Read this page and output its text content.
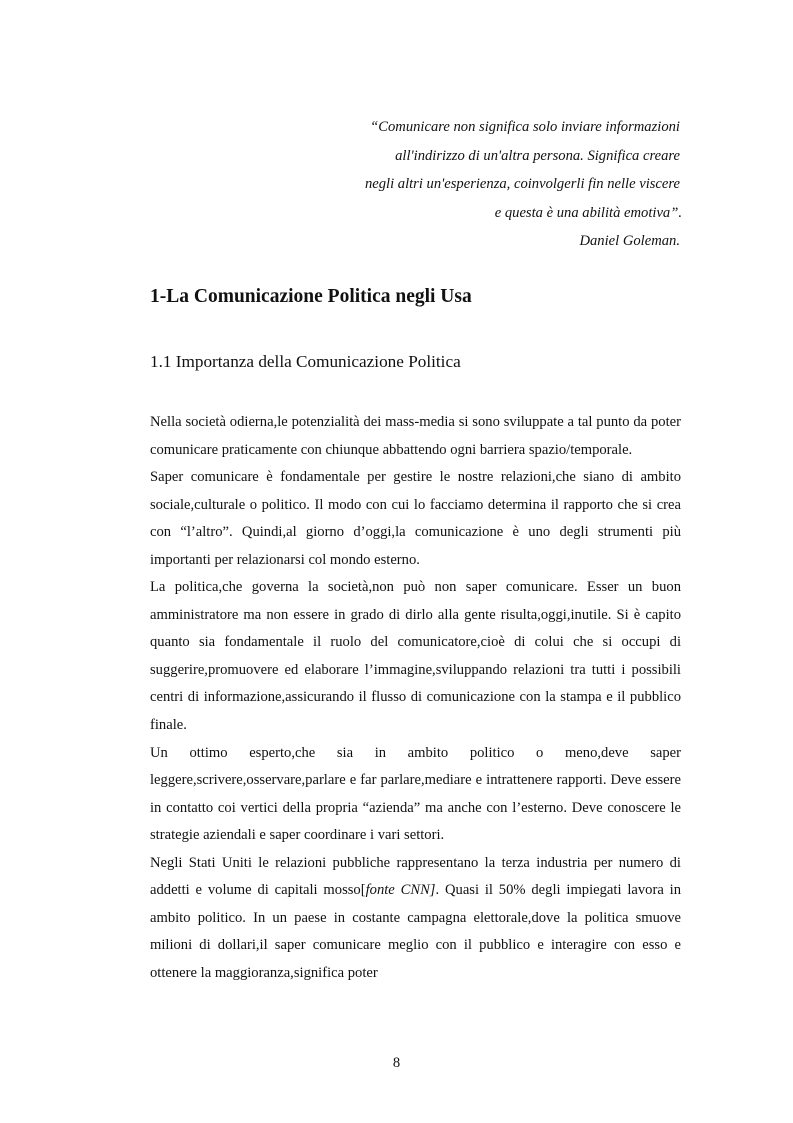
“Comunicare non significa solo inviare informazioni
all'indirizzo di un'altra persona. Significa creare
negli altri un'esperienza, coinvolgerli fin nelle viscere
e questa è una abilità emotiva”.
Daniel Goleman.
1-La Comunicazione Politica negli Usa
1.1 Importanza della Comunicazione Politica

Nella società odierna,le potenzialità dei mass-media si sono sviluppate a tal punto da poter comunicare praticamente con chiunque abbattendo ogni barriera spazio/temporale.

Saper comunicare è fondamentale per gestire le nostre relazioni,che siano di ambito sociale,culturale o politico. Il modo con cui lo facciamo determina il rapporto che si crea con “l’altro”. Quindi,al giorno d’oggi,la comunicazione è uno degli strumenti più importanti per relazionarsi col mondo esterno.

La politica,che governa la società,non può non saper comunicare. Esser un buon amministratore ma non essere in grado di dirlo alla gente risulta,oggi,inutile. Si è capito quanto sia fondamentale il ruolo del comunicatore,cioè di colui che si occupi di suggerire,promuovere ed elaborare l’immagine,sviluppando relazioni tra tutti i possibili centri di informazione,assicurando il flusso di comunicazione con la stampa e il pubblico finale.

Un ottimo esperto,che sia in ambito politico o meno,deve saper leggere,scrivere,osservare,parlare e far parlare,mediare e intrattenere rapporti. Deve essere in contatto coi vertici della propria “azienda” ma anche con l’esterno. Deve conoscere le strategie aziendali e saper coordinare i vari settori.

Negli Stati Uniti le relazioni pubbliche rappresentano la terza industria per numero di addetti e volume di capitali mosso[fonte CNN]. Quasi il 50% degli impiegati lavora in ambito politico. In un paese in costante campagna elettorale,dove la politica smuove milioni di dollari,il saper comunicare meglio con il pubblico e interagire con esso e ottenere la maggioranza,significa poter

8
